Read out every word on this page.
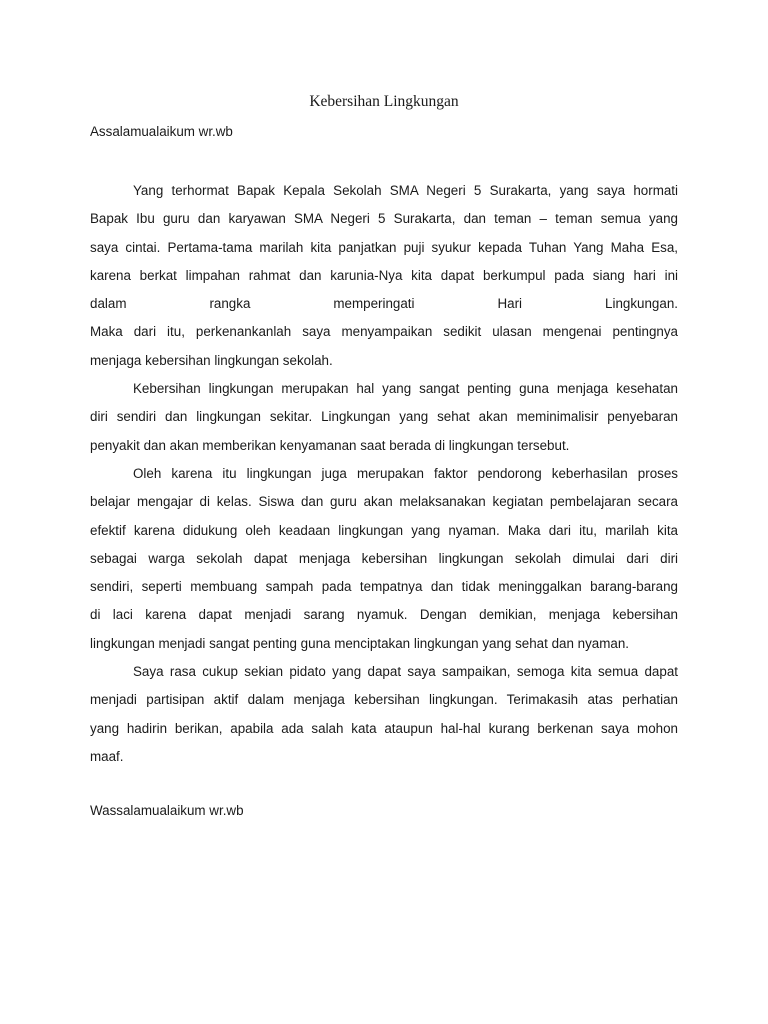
Kebersihan Lingkungan

Assalamualaikum wr.wb

Yang terhormat Bapak Kepala Sekolah SMA Negeri 5 Surakarta, yang saya hormati
Bapak Ibu guru dan karyawan SMA Negeri 5 Surakarta, dan teman – teman semua yang
saya cintai. Pertama-tama marilah kita panjatkan puji syukur kepada Tuhan Yang Maha Esa,
karena berkat limpahan rahmat dan karunia-Nya kita dapat berkumpul pada siang hari ini
dalam rangka memperingati Hari Lingkungan.
Maka dari itu, perkenankanlah saya menyampaikan sedikit ulasan mengenai pentingnya
menjaga kebersihan lingkungan sekolah.

Kebersihan lingkungan merupakan hal yang sangat penting guna menjaga kesehatan
diri sendiri dan lingkungan sekitar. Lingkungan yang sehat akan meminimalisir penyebaran
penyakit dan akan memberikan kenyamanan saat berada di lingkungan tersebut.

Oleh karena itu lingkungan juga merupakan faktor pendorong keberhasilan proses
belajar mengajar di kelas. Siswa dan guru akan melaksanakan kegiatan pembelajaran secara
efektif karena didukung oleh keadaan lingkungan yang nyaman. Maka dari itu, marilah kita
sebagai warga sekolah dapat menjaga kebersihan lingkungan sekolah dimulai dari diri
sendiri, seperti membuang sampah pada tempatnya dan tidak meninggalkan barang-barang
di laci karena dapat menjadi sarang nyamuk. Dengan demikian, menjaga kebersihan
lingkungan menjadi sangat penting guna menciptakan lingkungan yang sehat dan nyaman.

Saya rasa cukup sekian pidato yang dapat saya sampaikan, semoga kita semua dapat
menjadi partisipan aktif dalam menjaga kebersihan lingkungan. Terimakasih atas perhatian
yang hadirin berikan, apabila ada salah kata ataupun hal-hal kurang berkenan saya mohon
maaf.

Wassalamualaikum wr.wb
